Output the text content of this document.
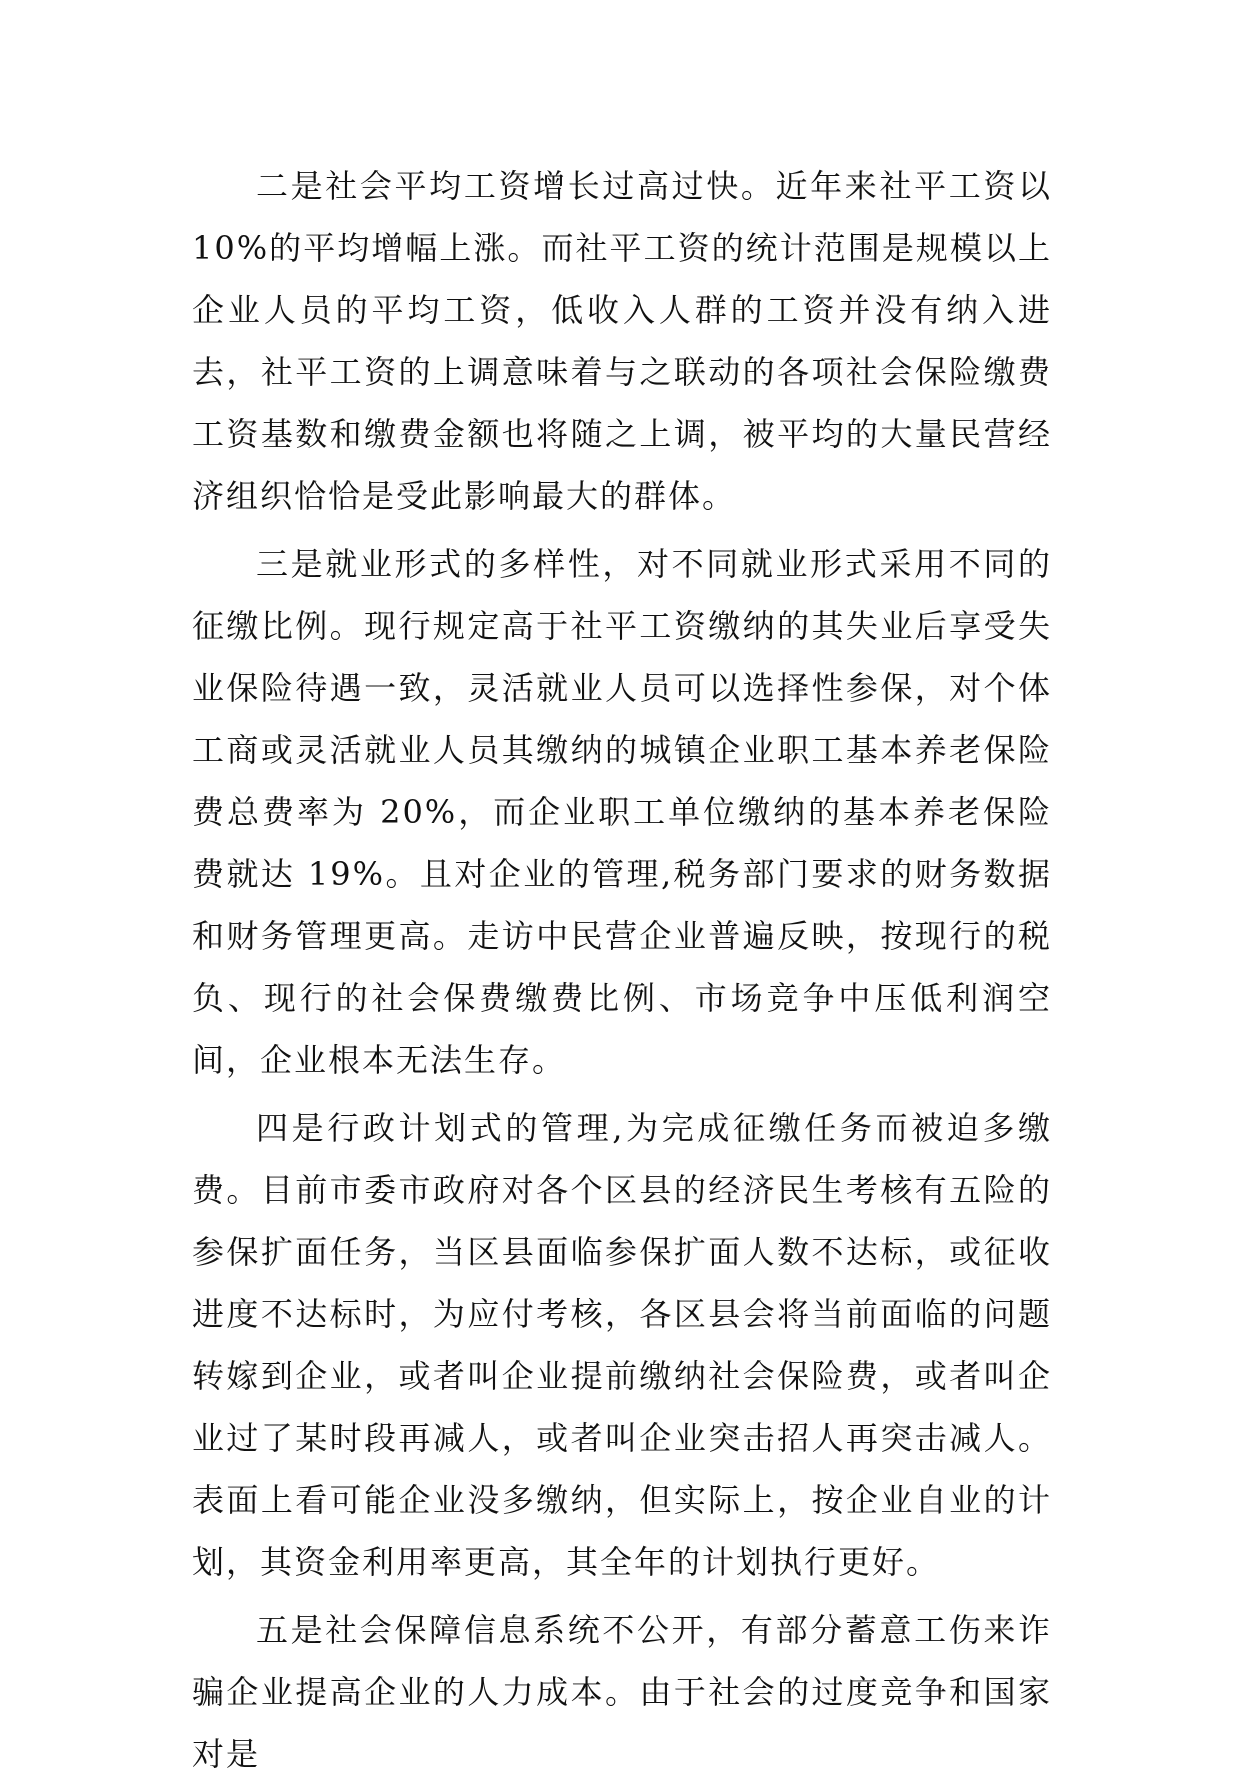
二是社会平均工资增长过高过快。近年来社平工资以10%的平均增幅上涨。而社平工资的统计范围是规模以上企业人员的平均工资，低收入人群的工资并没有纳入进去，社平工资的上调意味着与之联动的各项社会保险缴费工资基数和缴费金额也将随之上调，被平均的大量民营经济组织恰恰是受此影响最大的群体。

三是就业形式的多样性，对不同就业形式采用不同的征缴比例。现行规定高于社平工资缴纳的其失业后享受失业保险待遇一致，灵活就业人员可以选择性参保，对个体工商或灵活就业人员其缴纳的城镇企业职工基本养老保险费总费率为 20%，而企业职工单位缴纳的基本养老保险费就达 19%。且对企业的管理,税务部门要求的财务数据和财务管理更高。走访中民营企业普遍反映，按现行的税负、现行的社会保费缴费比例、市场竞争中压低利润空间，企业根本无法生存。

四是行政计划式的管理,为完成征缴任务而被迫多缴费。目前市委市政府对各个区县的经济民生考核有五险的参保扩面任务，当区县面临参保扩面人数不达标，或征收进度不达标时，为应付考核，各区县会将当前面临的问题转嫁到企业，或者叫企业提前缴纳社会保险费，或者叫企业过了某时段再减人，或者叫企业突击招人再突击减人。表面上看可能企业没多缴纳，但实际上，按企业自业的计划，其资金利用率更高，其全年的计划执行更好。

五是社会保障信息系统不公开，有部分蓄意工伤来诈骗企业提高企业的人力成本。由于社会的过度竞争和国家对是
